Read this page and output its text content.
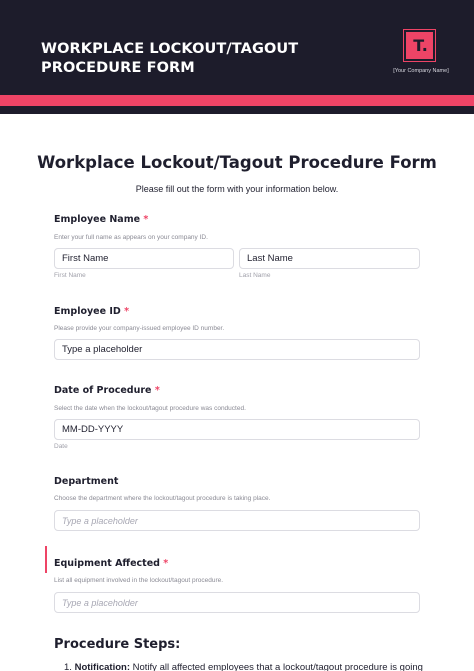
WORKPLACE LOCKOUT/TAGOUT PROCEDURE FORM
T.
[Your Company Name]
Workplace Lockout/Tagout Procedure Form
Please fill out the form with your information below.
Employee Name *
Enter your full name as appears on your company ID.
First Name
First Name
Last Name
Last Name
Employee ID *
Please provide your company-issued employee ID number.
Type a placeholder
Date of Procedure *
Select the date when the lockout/tagout procedure was conducted.
MM-DD-YYYY
Date
Department
Choose the department where the lockout/tagout procedure is taking place.
Type a placeholder
Equipment Affected *
List all equipment involved in the lockout/tagout procedure.
Type a placeholder
Procedure Steps:
1. Notification: Notify all affected employees that a lockout/tagout procedure is going
